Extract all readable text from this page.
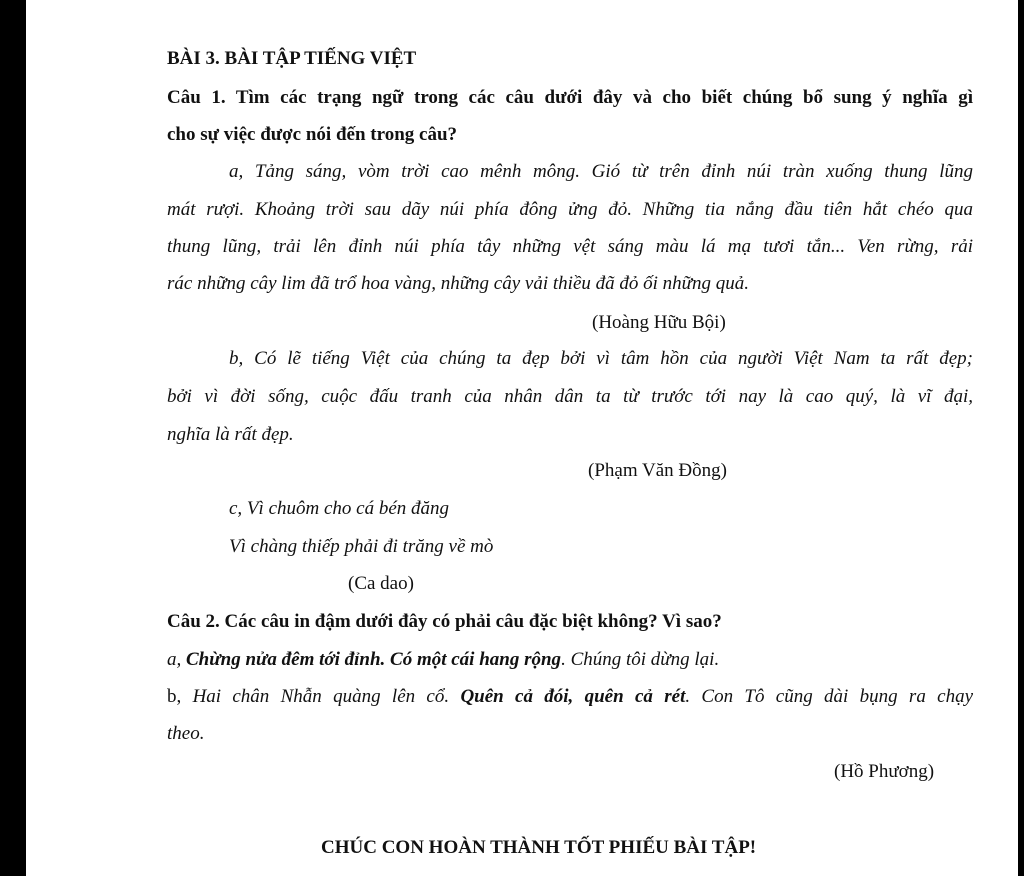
BÀI 3. BÀI TẬP TIẾNG VIỆT
Câu 1. Tìm các trạng ngữ trong các câu dưới đây và cho biết chúng bổ sung ý nghĩa gì
cho sự việc được nói đến trong câu?
a, Tảng sáng, vòm trời cao mênh mông. Gió từ trên đỉnh núi tràn xuống thung lũng
mát rượi. Khoảng trời sau dãy núi phía đông ửng đỏ. Những tia nắng đầu tiên hắt chéo qua
thung lũng, trải lên đỉnh núi phía tây những vệt sáng màu lá mạ tươi tắn... Ven rừng, rải
rác những cây lim đã trổ hoa vàng, những cây vải thiều đã đỏ ối những quả.
(Hoàng Hữu Bội)
b, Có lẽ tiếng Việt của chúng ta đẹp bởi vì tâm hồn của người Việt Nam ta rất đẹp;
bởi vì đời sống, cuộc đấu tranh của nhân dân ta từ trước tới nay là cao quý, là vĩ đại,
nghĩa là rất đẹp.
(Phạm Văn Đồng)
c, Vì chuôm cho cá bén đăng
Vì chàng thiếp phải đi trăng về mò
(Ca dao)
Câu 2. Các câu in đậm dưới đây có phải câu đặc biệt không? Vì sao?
a, Chừng nửa đêm tới đỉnh. Có một cái hang rộng. Chúng tôi dừng lại.
b, Hai chân Nhẫn quàng lên cổ. Quên cả đói, quên cả rét. Con Tô cũng dài bụng ra chạy
theo.
(Hồ Phương)
CHÚC CON HOÀN THÀNH TỐT PHIẾU BÀI TẬP!
